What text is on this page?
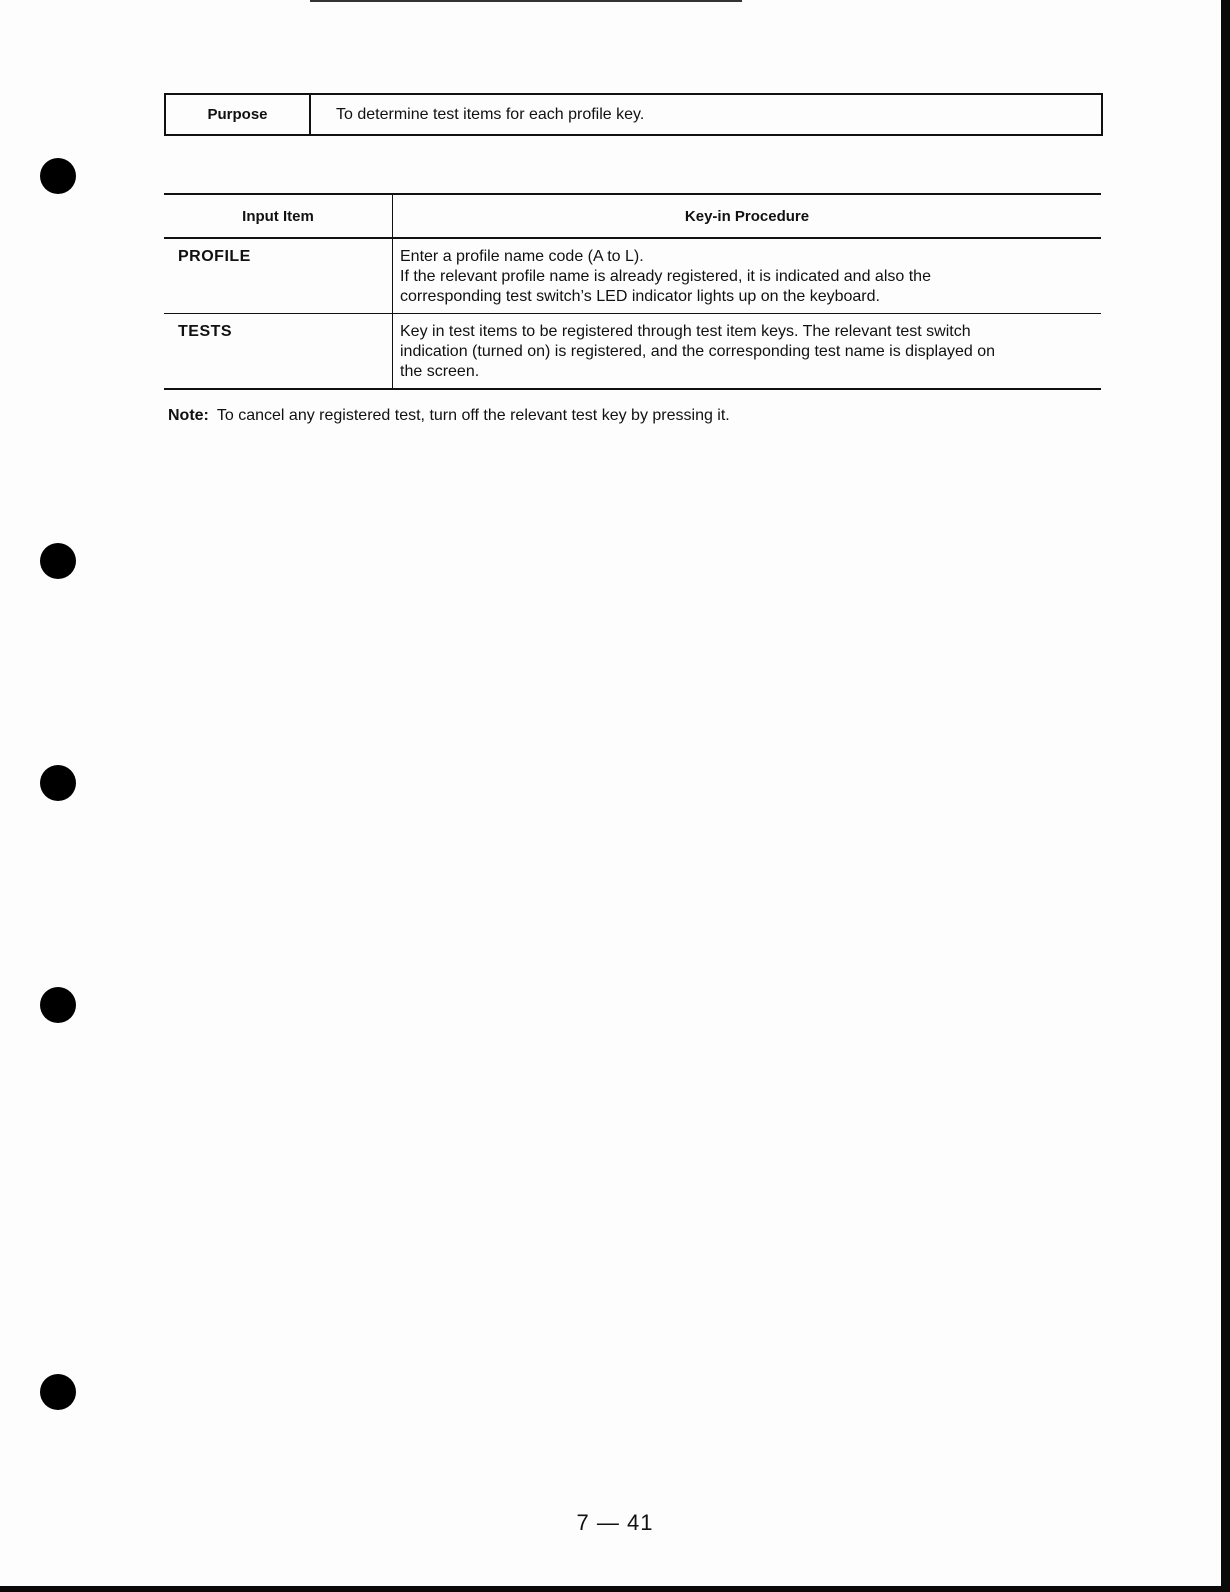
Purpose	To determine test items for each profile key.
Input Item	Key-in Procedure
PROFILE	Enter a profile name code (A to L).
If the relevant profile name is already registered, it is indicated and also the
corresponding test switch’s LED indicator lights up on the keyboard.

TESTS	Key in test items to be registered through test item keys. The relevant test switch
indication (turned on) is registered, and the corresponding test name is displayed on
the screen.
Note: To cancel any registered test, turn off the relevant test key by pressing it.
7 — 41
